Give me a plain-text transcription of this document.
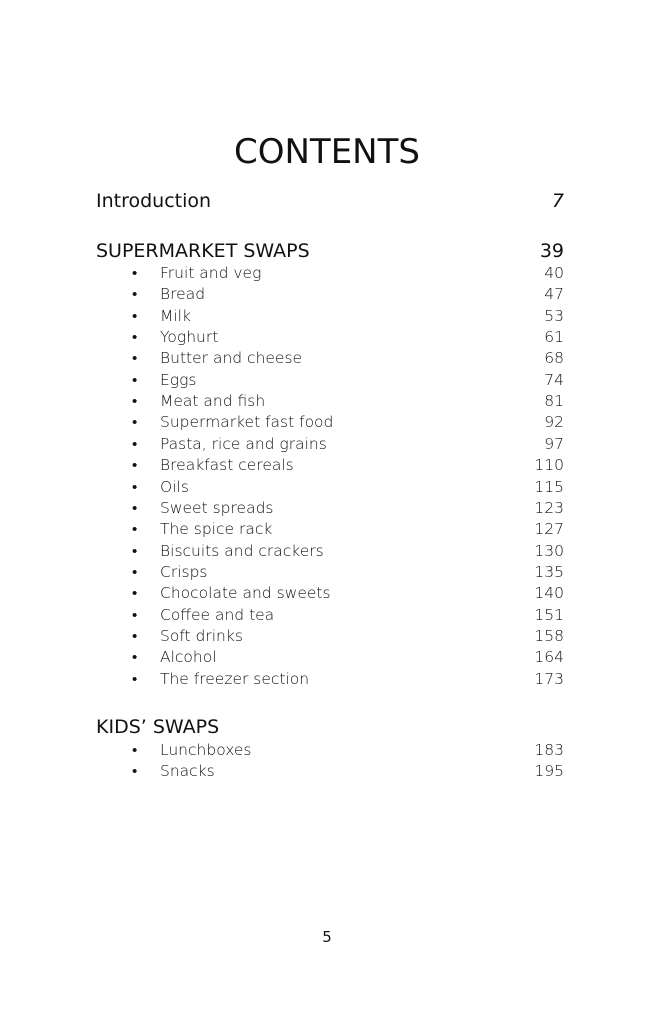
CONTENTS
Introduction	7
SUPERMARKET SWAPS	39
•	Fruit and veg	40
•	Bread	47
•	Milk	53
•	Yoghurt	61
•	Butter and cheese	68
•	Eggs	74
•	Meat and fish	81
•	Supermarket fast food	92
•	Pasta, rice and grains	97
•	Breakfast cereals	110
•	Oils	115
•	Sweet spreads	123
•	The spice rack	127
•	Biscuits and crackers	130
•	Crisps	135
•	Chocolate and sweets	140
•	Coffee and tea	151
•	Soft drinks	158
•	Alcohol	164
•	The freezer section	173
KIDS’ SWAPS
•	Lunchboxes	183
•	Snacks	195
5
